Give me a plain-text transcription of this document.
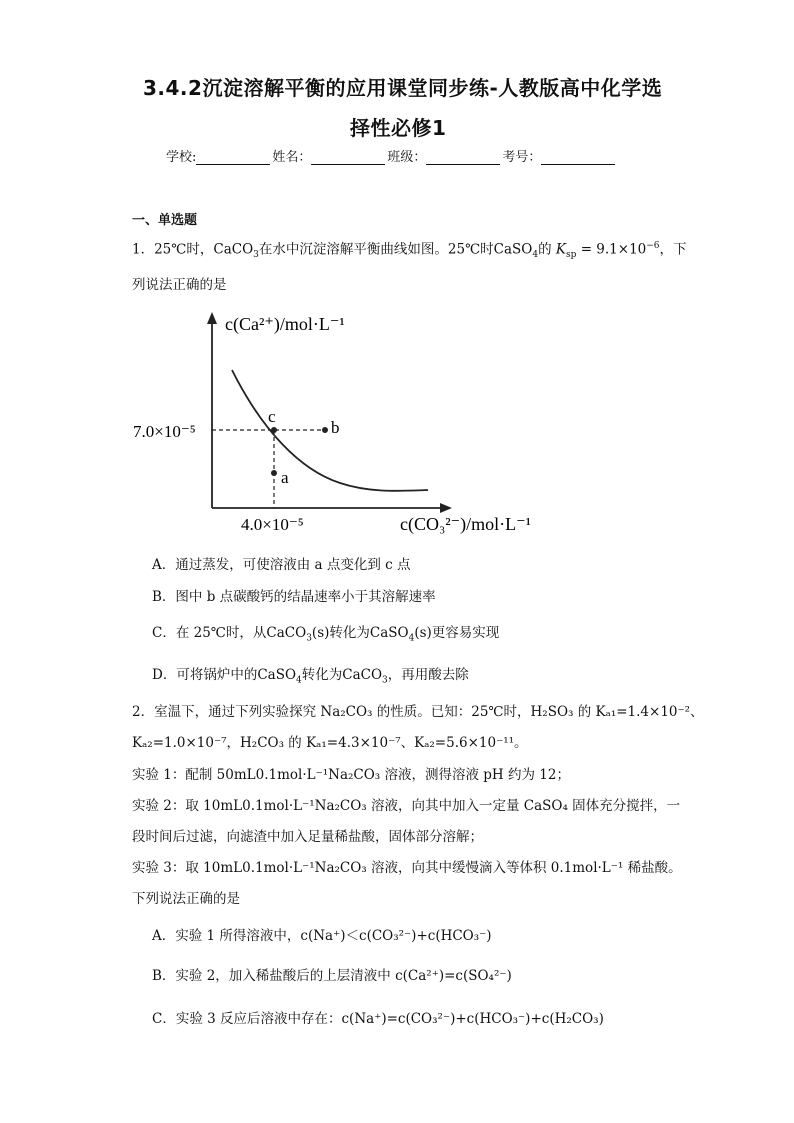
3.4.2沉淀溶解平衡的应用课堂同步练-人教版高中化学选
择性必修1
学校:	姓名：	班级：	考号：
一、单选题
1．25℃时，CaCO$_3$在水中沉淀溶解平衡曲线如图。25℃时CaSO$_4$的 $K_{sp} = 9.1\times 10^{-6}$，下
列说法正确的是
c(Ca²⁺)/mol·L⁻¹
c(CO₃²⁻)/mol·L⁻¹
7.0×10⁻⁵
4.0×10⁻⁵
c
b
a
A．通过蒸发，可使溶液由 a 点变化到 c 点
B．图中 b 点碳酸钙的结晶速率小于其溶解速率
C．在 25℃时，从CaCO$_3$(s)转化为CaSO$_4$(s)更容易实现
D．可将锅炉中的CaSO$_4$转化为CaCO$_3$，再用酸去除
2．室温下，通过下列实验探究 Na₂CO₃ 的性质。已知：25℃时，H₂SO₃ 的 Kₐ₁=1.4×10⁻²、
Kₐ₂=1.0×10⁻⁷，H₂CO₃ 的 Kₐ₁=4.3×10⁻⁷、Kₐ₂=5.6×10⁻¹¹。
实验 1：配制 50mL0.1mol·L⁻¹Na₂CO₃ 溶液，测得溶液 pH 约为 12；
实验 2：取 10mL0.1mol·L⁻¹Na₂CO₃ 溶液，向其中加入一定量 CaSO₄ 固体充分搅拌，一
段时间后过滤，向滤渣中加入足量稀盐酸，固体部分溶解；
实验 3：取 10mL0.1mol·L⁻¹Na₂CO₃ 溶液，向其中缓慢滴入等体积 0.1mol·L⁻¹ 稀盐酸。
下列说法正确的是
A．实验 1 所得溶液中，c(Na⁺)＜c(CO₃²⁻)+c(HCO₃⁻)
B．实验 2，加入稀盐酸后的上层清液中 c(Ca²⁺)=c(SO₄²⁻)
C．实验 3 反应后溶液中存在：c(Na⁺)=c(CO₃²⁻)+c(HCO₃⁻)+c(H₂CO₃)
